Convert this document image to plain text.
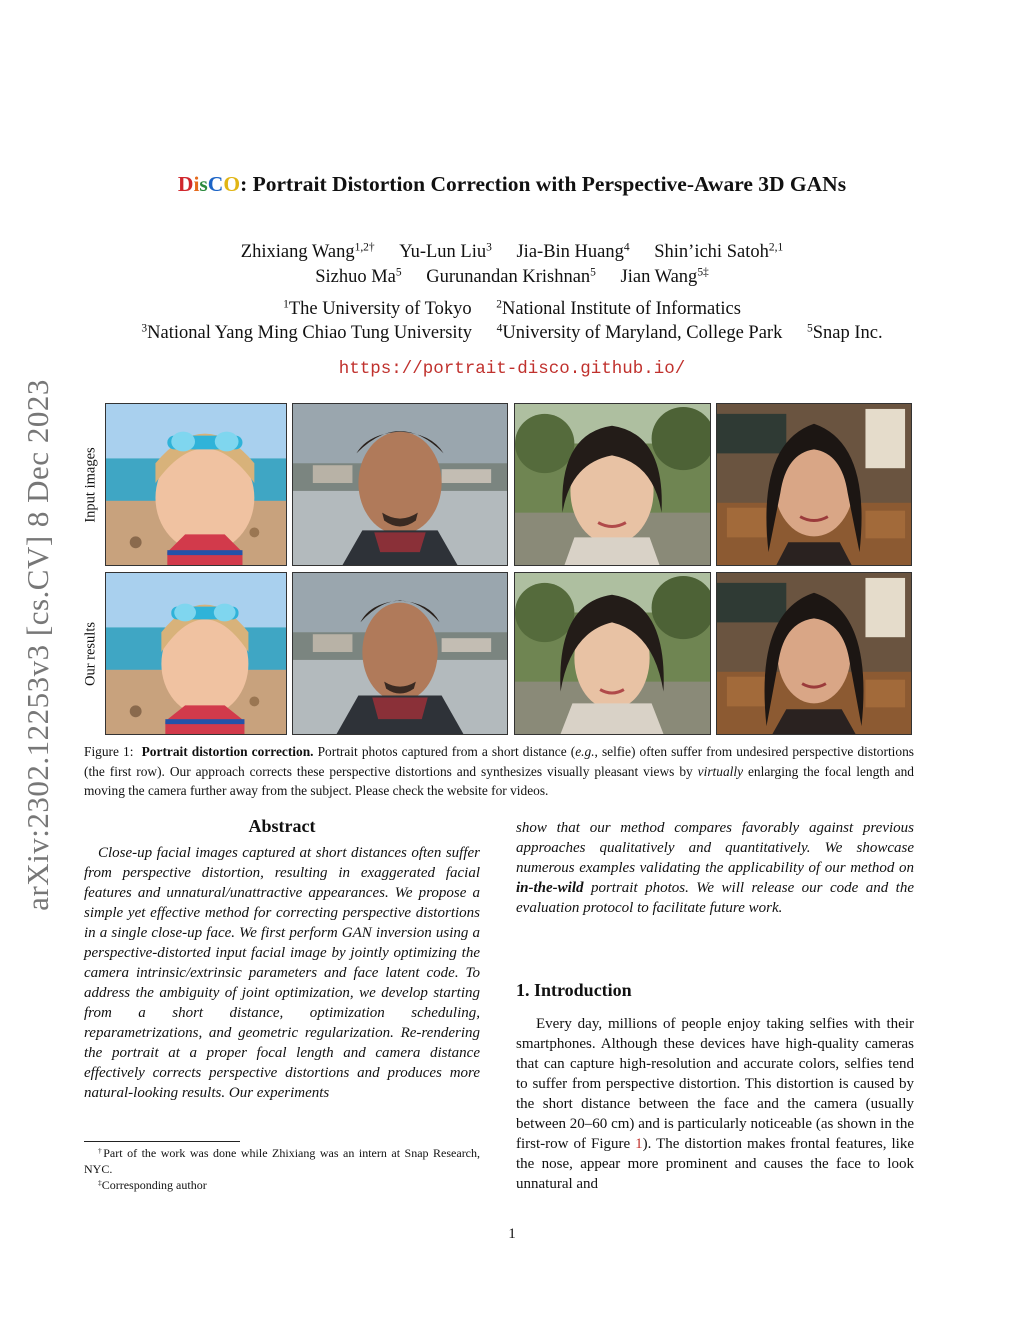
arXiv:2302.12253v3 [cs.CV] 8 Dec 2023
DisCO: Portrait Distortion Correction with Perspective-Aware 3D GANs
Zhixiang Wang$^{1,2\dagger}$ Yu-Lun Liu$^3$ Jia-Bin Huang$^4$ Shin’ichi Satoh$^{2,1}$
Sizhuo Ma$^5$ Gurunandan Krishnan$^5$ Jian Wang$^{5\ddagger}$
$^1$The University of Tokyo $^2$National Institute of Informatics
$^3$National Yang Ming Chiao Tung University $^4$University of Maryland, College Park $^5$Snap Inc.
https://portrait-disco.github.io/
Input images
Our results
Figure 1: Portrait distortion correction. Portrait photos captured from a short distance (e.g., selfie) often suffer from undesired perspective distortions (the first row). Our approach corrects these perspective distortions and synthesizes visually pleasant views by virtually enlarging the focal length and moving the camera further away from the subject. Please check the website for videos.
Abstract

Close-up facial images captured at short distances often suffer from perspective distortion, resulting in exaggerated facial features and unnatural/unattractive appearances. We propose a simple yet effective method for correcting perspective distortions in a single close-up face. We first perform GAN inversion using a perspective-distorted input facial image by jointly optimizing the camera intrinsic/extrinsic parameters and face latent code. To address the ambiguity of joint optimization, we develop starting from a short distance, optimization scheduling, reparametrizations, and geometric regularization. Re-rendering the portrait at a proper focal length and camera distance effectively corrects perspective distortions and produces more natural-looking results. Our experiments

show that our method compares favorably against previous approaches qualitatively and quantitatively. We showcase numerous examples validating the applicability of our method on in-the-wild portrait photos. We will release our code and the evaluation protocol to facilitate future work.

1. Introduction

Every day, millions of people enjoy taking selfies with their smartphones. Although these devices have high-quality cameras that can capture high-resolution and accurate colors, selfies tend to suffer from perspective distortion. This distortion is caused by the short distance between the face and the camera (usually between 20–60 cm) and is particularly noticeable (as shown in the first-row of Figure 1). The distortion makes frontal features, like the nose, appear more prominent and causes the face to look unnatural and

†Part of the work was done while Zhixiang was an intern at Snap Research, NYC.

‡Corresponding author

1
